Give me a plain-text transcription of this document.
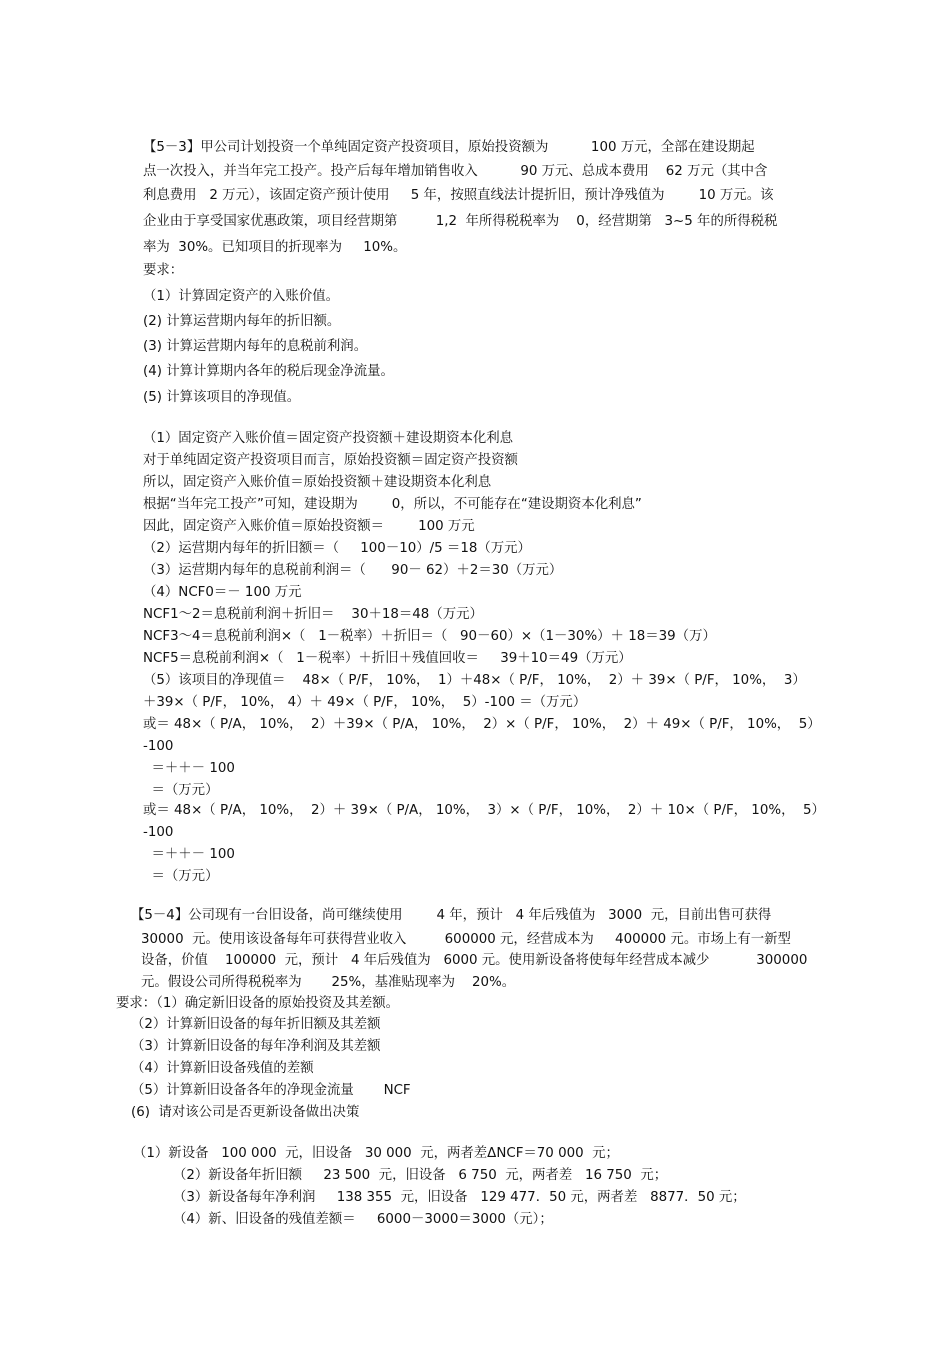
【5－3】甲公司计划投资一个单纯固定资产投资项目，原始投资额为          100 万元，全部在建设期起
点一次投入，并当年完工投产。投产后每年增加销售收入          90 万元、总成本费用    62 万元（其中含
利息费用   2 万元），该固定资产预计使用     5 年，按照直线法计提折旧，预计净残值为        10 万元。该
企业由于享受国家优惠政策，项目经营期第         1,2  年所得税税率为    0，经营期第   3~5 年的所得税税
率为  30%。已知项目的折现率为     10%。
要求：
（1）计算固定资产的入账价值。
(2) 计算运营期内每年的折旧额。
(3) 计算运营期内每年的息税前利润。
(4) 计算计算期内各年的税后现金净流量。
(5) 计算该项目的净现值。
（1）固定资产入账价值＝固定资产投资额＋建设期资本化利息
对于单纯固定资产投资项目而言，原始投资额＝固定资产投资额
所以，固定资产入账价值＝原始投资额＋建设期资本化利息
根据“当年完工投产”可知，建设期为        0，所以，不可能存在“建设期资本化利息”
因此，固定资产入账价值＝原始投资额＝        100 万元
（2）运营期内每年的折旧额＝（     100－10）/5 ＝18（万元）
（3）运营期内每年的息税前利润＝（      90－ 62）＋2＝30（万元）
（4）NCF0＝－ 100 万元
NCF1～2＝息税前利润＋折旧＝    30＋18＝48（万元）
NCF3～4＝息税前利润×（   1－税率）＋折旧＝（   90－60）×（1－30%）＋ 18＝39（万）
NCF5＝息税前利润×（   1－税率）＋折旧＋残值回收＝     39＋10＝49（万元）
（5）该项目的净现值＝    48×（ P/F， 10%，  1）＋48×（ P/F， 10%，  2）＋ 39×（ P/F， 10%，  3）
＋39×（ P/F， 10%， 4）＋ 49×（ P/F， 10%，  5）-100 ＝（万元）
或＝ 48×（ P/A， 10%，  2）＋39×（ P/A， 10%，  2）×（ P/F， 10%，  2）＋ 49×（ P/F， 10%，  5）
-100
＝＋＋－ 100
＝（万元）
或＝ 48×（ P/A， 10%，  2）＋ 39×（ P/A， 10%，  3）×（ P/F， 10%，  2）＋ 10×（ P/F， 10%，  5）
-100
＝＋＋－ 100
＝（万元）
【5－4】公司现有一台旧设备，尚可继续使用        4 年，预计   4 年后残值为   3000  元，目前出售可获得
30000  元。使用该设备每年可获得营业收入         600000 元，经营成本为     400000 元。市场上有一新型
设备，价值    100000  元，预计   4 年后残值为   6000 元。使用新设备将使每年经营成本减少           300000
元。假设公司所得税税率为       25%，基准贴现率为    20%。
要求：（1）确定新旧设备的原始投资及其差额。
（2）计算新旧设备的每年折旧额及其差额
（3）计算新旧设备的每年净利润及其差额
（4）计算新旧设备残值的差额
（5）计算新旧设备各年的净现金流量       NCF
(6)  请对该公司是否更新设备做出决策
（1）新设备   100 000  元，旧设备   30 000  元，两者差ΔNCF＝70 000  元；
（2）新设备年折旧额     23 500  元，旧设备   6 750  元，两者差   16 750  元；
（3）新设备每年净利润     138 355  元，旧设备   129 477．50 元，两者差   8877．50 元；
（4）新、旧设备的残值差额＝     6000－3000＝3000（元）；
